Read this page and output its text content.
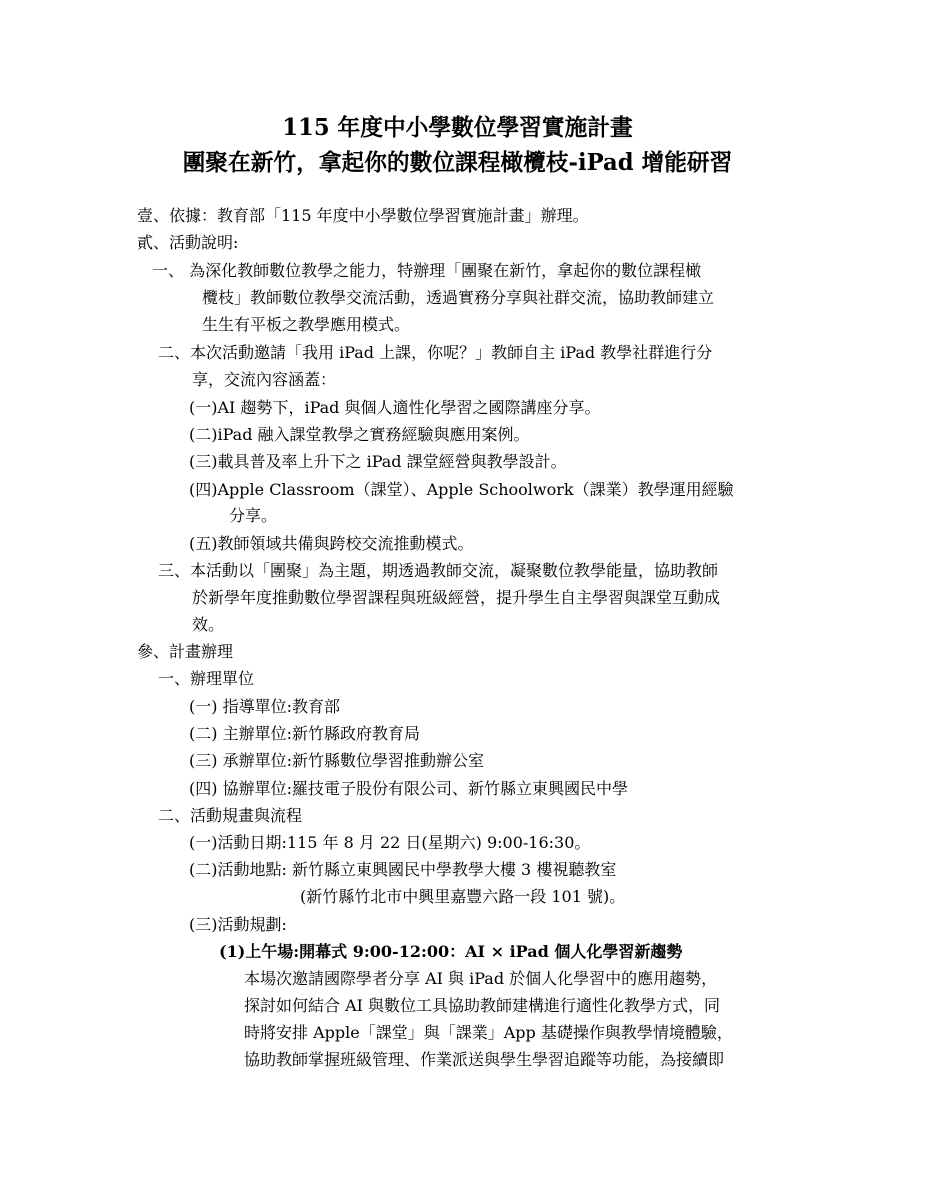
115 年度中小學數位學習實施計畫
團聚在新竹，拿起你的數位課程橄欖枝-iPad 增能研習
壹、依據：教育部「115 年度中小學數位學習實施計畫」辦理。
貳、活動說明:
一、 為深化教師數位教學之能力，特辦理「團聚在新竹，拿起你的數位課程橄
欖枝」教師數位教學交流活動，透過實務分享與社群交流，協助教師建立
生生有平板之教學應用模式。
二、本次活動邀請「我用 iPad 上課，你呢？」教師自主 iPad 教學社群進行分
享，交流內容涵蓋：
(一)AI 趨勢下，iPad 與個人適性化學習之國際講座分享。
(二)iPad 融入課堂教學之實務經驗與應用案例。
(三)載具普及率上升下之 iPad 課堂經營與教學設計。
(四)Apple Classroom（課堂）、Apple Schoolwork（課業）教學運用經驗
分享。
(五)教師領域共備與跨校交流推動模式。
三、本活動以「團聚」為主題，期透過教師交流，凝聚數位教學能量，協助教師
於新學年度推動數位學習課程與班級經營，提升學生自主學習與課堂互動成
效。
參、計畫辦理
一、辦理單位
(一) 指導單位:教育部
(二) 主辦單位:新竹縣政府教育局
(三) 承辦單位:新竹縣數位學習推動辦公室
(四) 協辦單位:羅技電子股份有限公司、新竹縣立東興國民中學
二、活動規畫與流程
(一)活動日期:115 年 8 月 22 日(星期六) 9:00-16:30。
(二)活動地點: 新竹縣立東興國民中學教學大樓 3 樓視聽教室
(新竹縣竹北市中興里嘉豐六路一段 101 號)。
(三)活動規劃:
(1)上午場:開幕式 9:00-12:00：AI × iPad 個人化學習新趨勢
本場次邀請國際學者分享 AI 與 iPad 於個人化學習中的應用趨勢，
探討如何結合 AI 與數位工具協助教師建構進行適性化教學方式，同
時將安排 Apple「課堂」與「課業」App 基礎操作與教學情境體驗，
協助教師掌握班級管理、作業派送與學生學習追蹤等功能，為接續即
